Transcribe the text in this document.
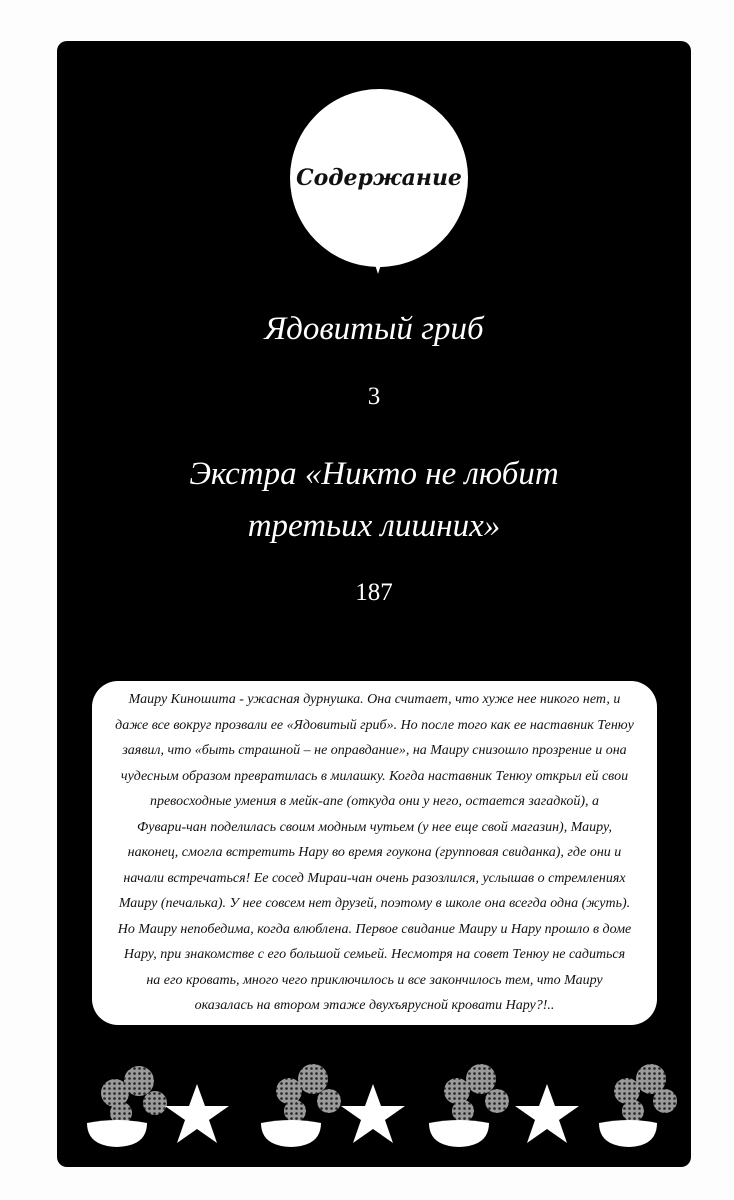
Содержание
Ядовитый гриб
3
Экстра «Никто не любит
третьих лишних»
187
Маиру Киношита - ужасная дурнушка. Она считает, что хуже нее никого нет, и
даже все вокруг прозвали ее «Ядовитый гриб». Но после того как ее наставник Тенюу
заявил, что «быть страшной – не оправдание», на Маиру снизошло прозрение и она
чудесным образом превратилась в милашку. Когда наставник Тенюу открыл ей свои
превосходные умения в мейк-апе (откуда они у него, остается загадкой), а
Фувари-чан поделилась своим модным чутьем (у нее еще свой магазин), Маиру,
наконец, смогла встретить Нару во время гоукона (групповая свиданка), где они и
начали встречаться! Ее сосед Мираи-чан очень разозлился, услышав о стремлениях
Маиру (печалька). У нее совсем нет друзей, поэтому в школе она всегда одна (жуть).
Но Маиру непобедима, когда влюблена. Первое свидание Маиру и Нару прошло в доме
Нару, при знакомстве с его большой семьей. Несмотря на совет Тенюу не садиться
на его кровать, много чего приключилось и все закончилось тем, что Маиру
оказалась на втором этаже двухъярусной кровати Нару?!..
